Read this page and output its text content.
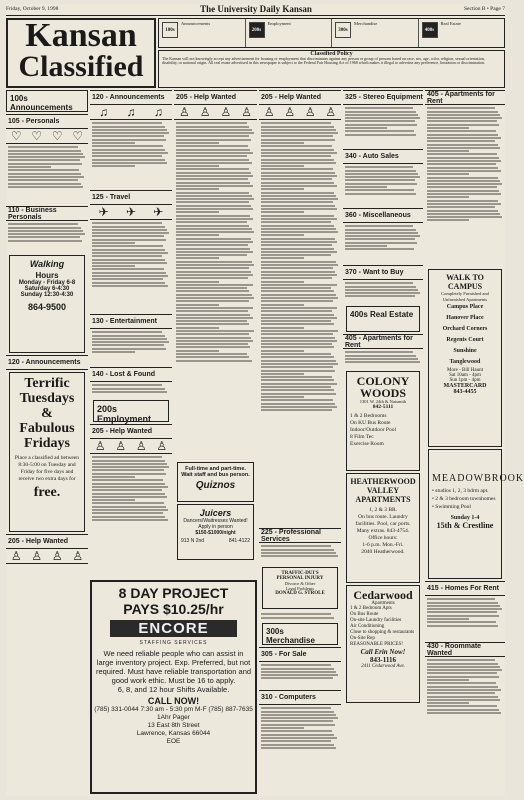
Friday, October 9, 1998	The University Daily Kansan	Section B • Page 7
Kansan
Classified
100s
Announcements
200s
Employment
300s
Merchandise
400s
Real Estate
Classified Policy
The Kansan will not knowingly accept any advertisement for housing or employment that discriminates against any person or group of persons based on race, sex, age, color, religion, sexual orientation, disability, or national origin. All real estate advertised in this newspaper is subject to the Federal Fair Housing Act of 1968 which makes it illegal to advertise any preference, limitation or discrimination.
100s Announcements
105 - Personals
♡ ♡ ♡ ♡
110 - Business Personals
Walking
Hours
Monday - Friday 6-8
Saturday 6-4:30
Sunday 12:30-4:30
864-9500
120 - Announcements
Terrific
Tuesdays &
Fabulous
Fridays
Place a classified ad between 8:30-5:00 on Tuesday and Friday for five days and receive two extra days for
free.
205 - Help Wanted
♙ ♙ ♙ ♙
120 - Announcements
♫ ♫ ♫
125 - Travel
✈ ✈ ✈
130 - Entertainment
140 - Lost & Found
200s Employment
205 - Help Wanted
♙ ♙ ♙ ♙
205 - Help Wanted
♙ ♙ ♙ ♙
Full-time and part-time. Wait staff and bus person.
Quiznos
Juicers
Dancers/Waitresses Wanted!
Apply in person
$150-$1000/night
913 N 2nd	841-4122
205 - Help Wanted
♙ ♙ ♙ ♙
225 - Professional Services
TRAFFIC-DUI'S
PERSONAL INJURY
Divorce & Other
Legal Problems
DONALD G. STROLE
300s Merchandise
305 - For Sale
310 - Computers
8 DAY PROJECT
PAYS $10.25/hr
ENCORE
STAFFING SERVICES
We need reliable people who can assist in large inventory project. Exp. Preferred, but not required. Must have reliable transportation and good work ethic. Must be 16 to apply.
6, 8, and 12 hour Shifts Available.
CALL NOW!
(785) 331-0044 7:30 am - 5:30 pm M-F (785) 887-7635 1Ahr Pager
13 East 8th Street
Lawrence, Kansas 66044
EOE
325 - Stereo Equipment
340 - Auto Sales
360 - Miscellaneous
370 - Want to Buy
400s Real Estate
405 - Apartments for Rent
COLONY WOODS
1301 W. 24th & Naismith
842-5111
1 & 2 Bedrooms
On KU Bus Route
Indoor/Outdoor Pool
8 Film Tec
Exercise Room
HEATHERWOOD VALLEY APARTMENTS
1, 2 & 3 BR.
On bus route. Laundry facilities. Pool, car ports.
Many extras. 843-4754.
Office hours:
1-6 p.m. Mon.-Fri.
2040 Heatherwood.
Cedarwood
Apartments
1 & 2 Bedroom Apts
On Bus Route
On-site Laundry facilities
Air Conditioning
Close to shopping & restaurants
On-Site Rep
REASONABLE PRICES!
Call Erin Now!
843-1116
2411 Cedarwood Ave.
405 - Apartments for Rent
WALK TO CAMPUS
Completely Furnished and Unfurnished Apartments
Campus Place
Hanover Place
Orchard Corners
Regents Court
Sunshine
Tanglewood
More - Bill Haunt
Sat 10am - 4pm
Sun 1pm - 4pm
MASTERCARD
843-4455
MEADOWBROOK
• studios 1, 2, 3 bdrm apt.
• 2 & 3 bedroom townhomes
• Swimming Pool
Sunday 1-4
15th & Crestline
415 - Homes For Rent
430 - Roommate Wanted
